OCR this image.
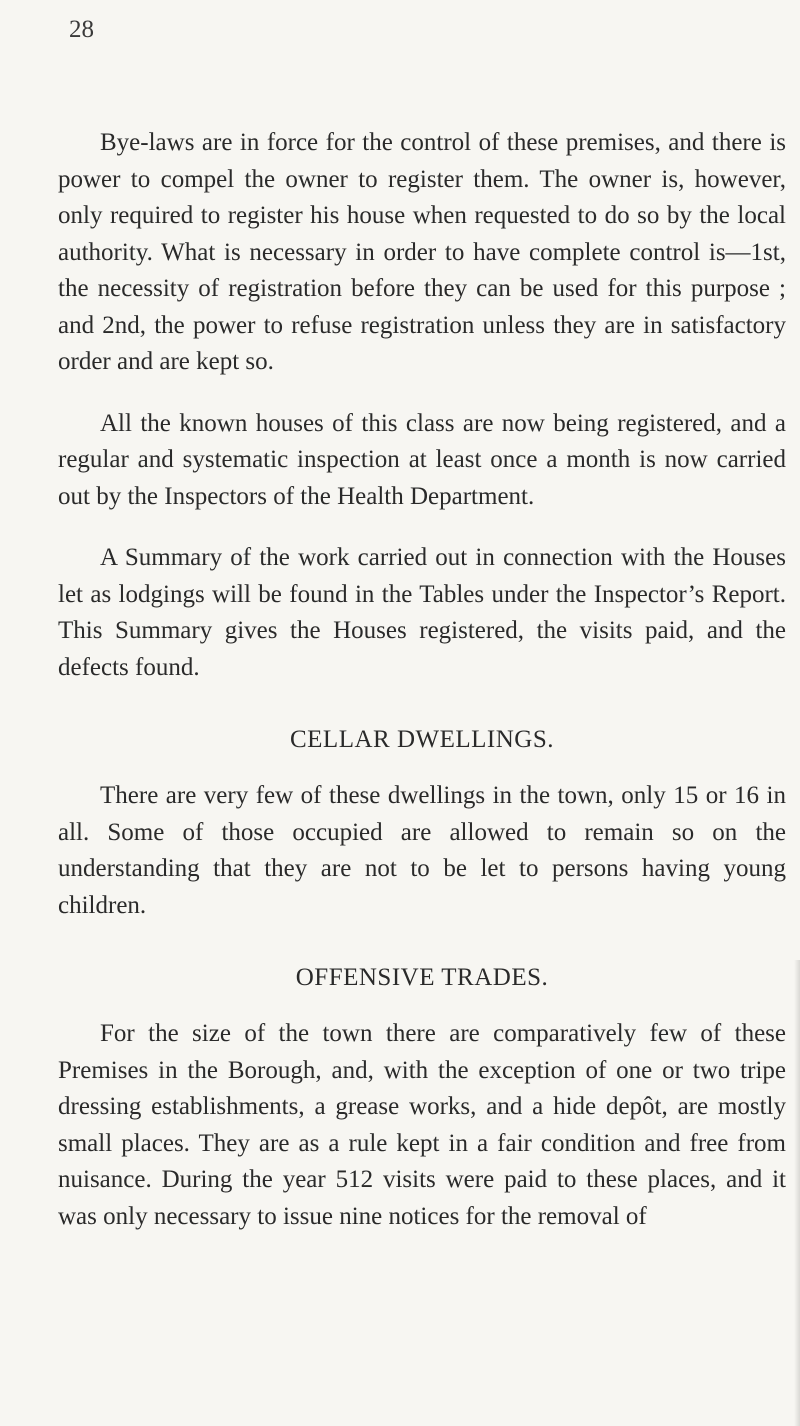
28

Bye-laws are in force for the control of these premises, and there is power to compel the owner to register them. The owner is, however, only required to register his house when requested to do so by the local authority. What is necessary in order to have complete control is—1st, the necessity of registration before they can be used for this purpose ; and 2nd, the power to refuse registration unless they are in satisfactory order and are kept so.

All the known houses of this class are now being registered, and a regular and systematic inspection at least once a month is now carried out by the Inspectors of the Health Department.

A Summary of the work carried out in connection with the Houses let as lodgings will be found in the Tables under the Inspector’s Report. This Summary gives the Houses registered, the visits paid, and the defects found.

CELLAR DWELLINGS.

There are very few of these dwellings in the town, only 15 or 16 in all. Some of those occupied are allowed to remain so on the understanding that they are not to be let to persons having young children.

OFFENSIVE TRADES.

For the size of the town there are comparatively few of these Premises in the Borough, and, with the exception of one or two tripe dressing establishments, a grease works, and a hide depôt, are mostly small places. They are as a rule kept in a fair condition and free from nuisance. During the year 512 visits were paid to these places, and it was only necessary to issue nine notices for the removal of
